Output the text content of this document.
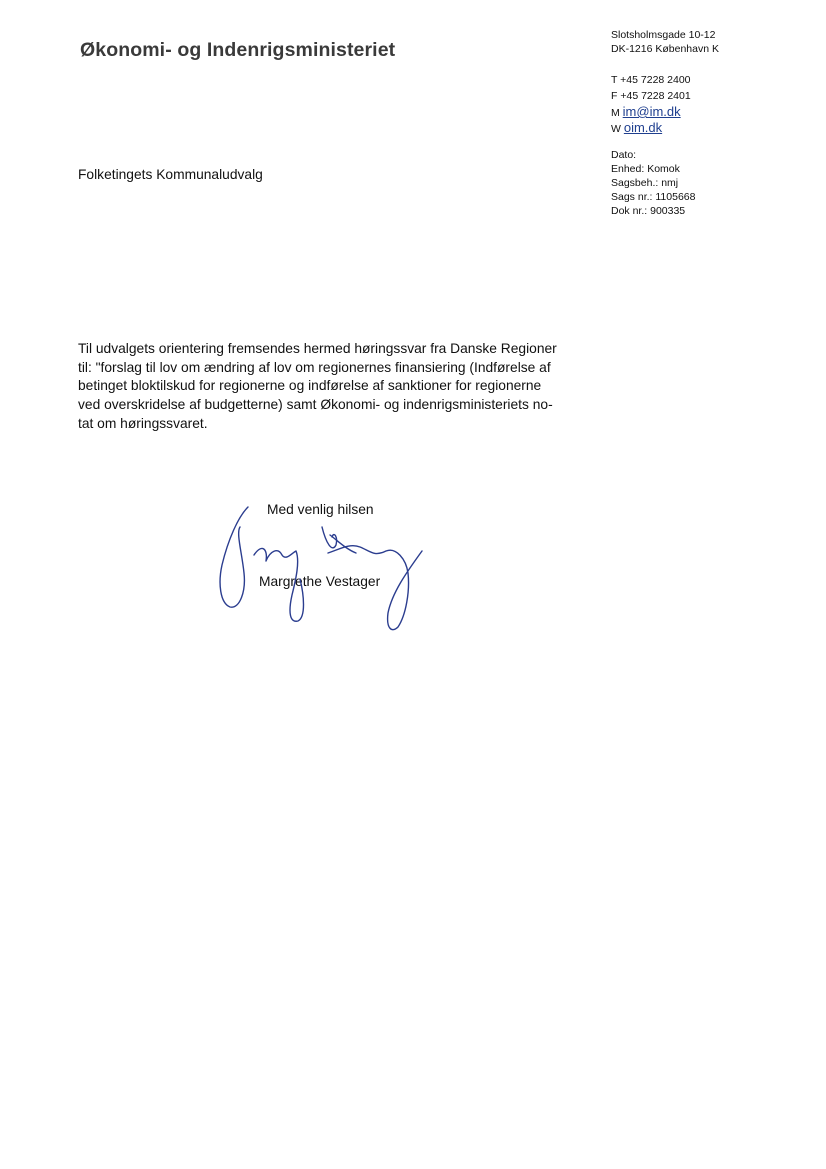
Økonomi- og Indenrigsministeriet
Slotsholmsgade 10-12
DK-1216 København K
T +45 7228 2400
F +45 7228 2401
M im@im.dk
W oim.dk
Dato:
Enhed: Komok
Sagsbeh.: nmj
Sags nr.: 1105668
Dok nr.: 900335
Folketingets Kommunaludvalg

Til udvalgets orientering fremsendes hermed høringssvar fra Danske Regioner

til: "forslag til lov om ændring af lov om regionernes finansiering (Indførelse af

betinget bloktilskud for regionerne og indførelse af sanktioner for regionerne

ved overskridelse af budgetterne) samt Økonomi- og indenrigsministeriets no-

tat om høringssvaret.

Med venlig hilsen
Margrethe Vestager
